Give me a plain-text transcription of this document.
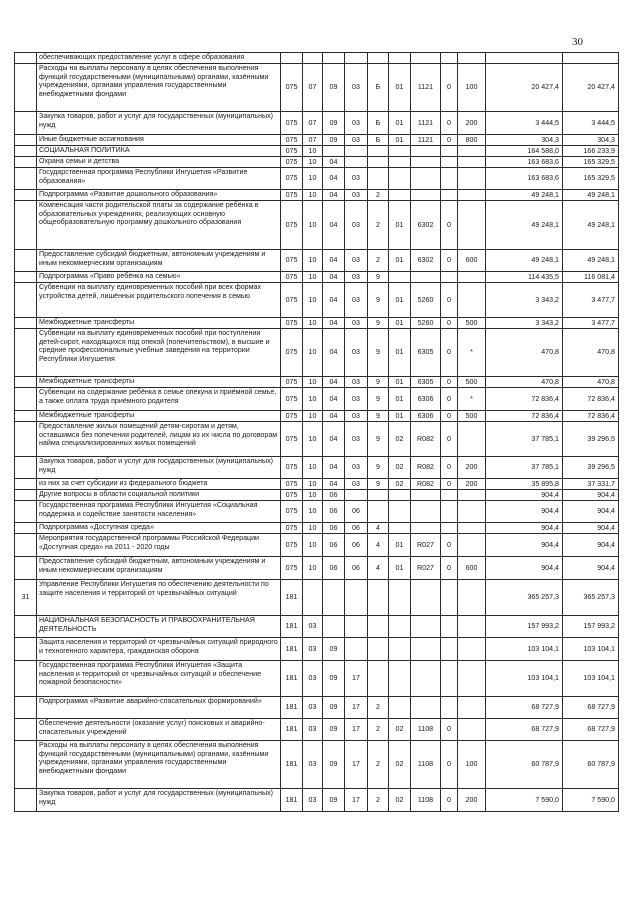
30
	обеспечивающих предоставление услуг в сфере образования											
	Расходы на выплаты персоналу в целях обеспечения выполнения функций государственными (муниципальными) органами, казёнными учреждениями, органами управления государственными внебюджетными фондами	075	07	09	03	Б	01	1121	0	100	20 427,4	20 427,4
	Закупка товаров, работ и услуг для государственных (муниципальных) нужд	075	07	09	03	Б	01	1121	0	200	3 444,5	3 444,5
	Иные бюджетные ассигнования	075	07	09	03	Б	01	1121	0	800	304,3	304,3
	СОЦИАЛЬНАЯ ПОЛИТИКА	075	10								164 588,0	166 233,9
	Охрана семьи и детства	075	10	04							163 683,6	165 329,5
	Государственная программа Республики Ингушетия «Развитие образования»	075	10	04	03						163 683,6	165 329,5
	Подпрограмма «Развитие дошкольного образования»	075	10	04	03	2					49 248,1	49 248,1
	Компенсация части родительской платы за содержание ребёнка в образовательных учреждениях, реализующих основную общеобразовательную программу дошкольного образования	075	10	04	03	2	01	6302	0		49 248,1	49 248,1
	Предоставление субсидий бюджетным, автономным учреждениям и иным некоммерческим организациям	075	10	04	03	2	01	6302	0	600	49 248,1	49 248,1
	Подпрограмма «Право ребёнка на семью»	075	10	04	03	9					114 435,5	116 081,4
	Субвенции на выплату единовременных пособий при всех формах устройства детей, лишённых родительского попечения в семью	075	10	04	03	9	01	5260	0		3 343,2	3 477,7
	Межбюджетные трансферты	075	10	04	03	9	01	5260	0	500	3 343,2	3 477,7
	Субвенции на выплату единовременных пособий при поступлении детей-сирот, находящихся под опекой (попечительством), в высшие и средние профессиональные учебные заведения на территории Республики Ингушетия	075	10	04	03	9	01	6305	0	*	470,8	470,8
	Межбюджетные трансферты	075	10	04	03	9	01	6305	0	500	470,8	470,8
	Субвенции на содержание ребёнка в семье опекуна и приёмной семье, а также оплата труда приёмного родителя	075	10	04	03	9	01	6306	0	*	72 836,4	72 836,4
	Межбюджетные трансферты	075	10	04	03	9	01	6306	0	500	72 836,4	72 836,4
	Предоставление жилых помещений детям-сиротам и детям, оставшимся без попечения родителей, лицам из их числа по договорам найма специализированных жилых помещений	075	10	04	03	9	02	R082	0		37 785,1	39 296,5
	Закупка товаров, работ и услуг для государственных (муниципальных) нужд	075	10	04	03	9	02	R082	0	200	37 785,1	39 296,5
	из них за счет субсидии из федерального бюджета	075	10	04	03	9	02	R082	0	200	35 895,8	37 331,7
	Другие вопросы в области социальной политики	075	10	06							904,4	904,4
	Государственная программа Республики Ингушетия «Социальная поддержка и содействие занятости населения»	075	10	06	06						904,4	904,4
	Подпрограмма «Доступная среда»	075	10	06	06	4					904,4	904,4
	Мероприятия государственной программы Российской Федерации «Доступная среда» на 2011 - 2020 годы	075	10	06	06	4	01	R027	0		904,4	904,4
	Предоставление субсидий бюджетным, автономным учреждениям и иным некоммерческим организациям	075	10	06	06	4	01	R027	0	600	904,4	904,4
31	Управление Республики Ингушетия по обеспечению деятельности по защите населения и территорий от чрезвычайных ситуаций	181									365 257,3	365 257,3
	НАЦИОНАЛЬНАЯ БЕЗОПАСНОСТЬ И ПРАВООХРАНИТЕЛЬНАЯ ДЕЯТЕЛЬНОСТЬ	181	03								157 993,2	157 993,2
	Защита населения и территорий от чрезвычайных ситуаций природного и техногенного характера, гражданская оборона	181	03	09							103 104,1	103 104,1
	Государственная программа Республики Ингушетия «Защита населения и территорий от чрезвычайных ситуаций и обеспечение пожарной безопасности»	181	03	09	17						103 104,1	103 104,1
	Подпрограмма «Развитие аварийно-спасательных формирований»	181	03	09	17	2					68 727,9	68 727,9
	Обеспечение деятельности (оказание услуг) поисковых и аварийно-спасательных учреждений	181	03	09	17	2	02	1108	0		68 727,9	68 727,9
	Расходы на выплаты персоналу в целях обеспечения выполнения функций государственными (муниципальными) органами, казёнными учреждениями, органами управления государственными внебюджетными фондами	181	03	09	17	2	02	1108	0	100	60 787,9	60 787,9
	Закупка товаров, работ и услуг для государственных (муниципальных) нужд	181	03	09	17	2	02	1108	0	200	7 590,0	7 590,0
